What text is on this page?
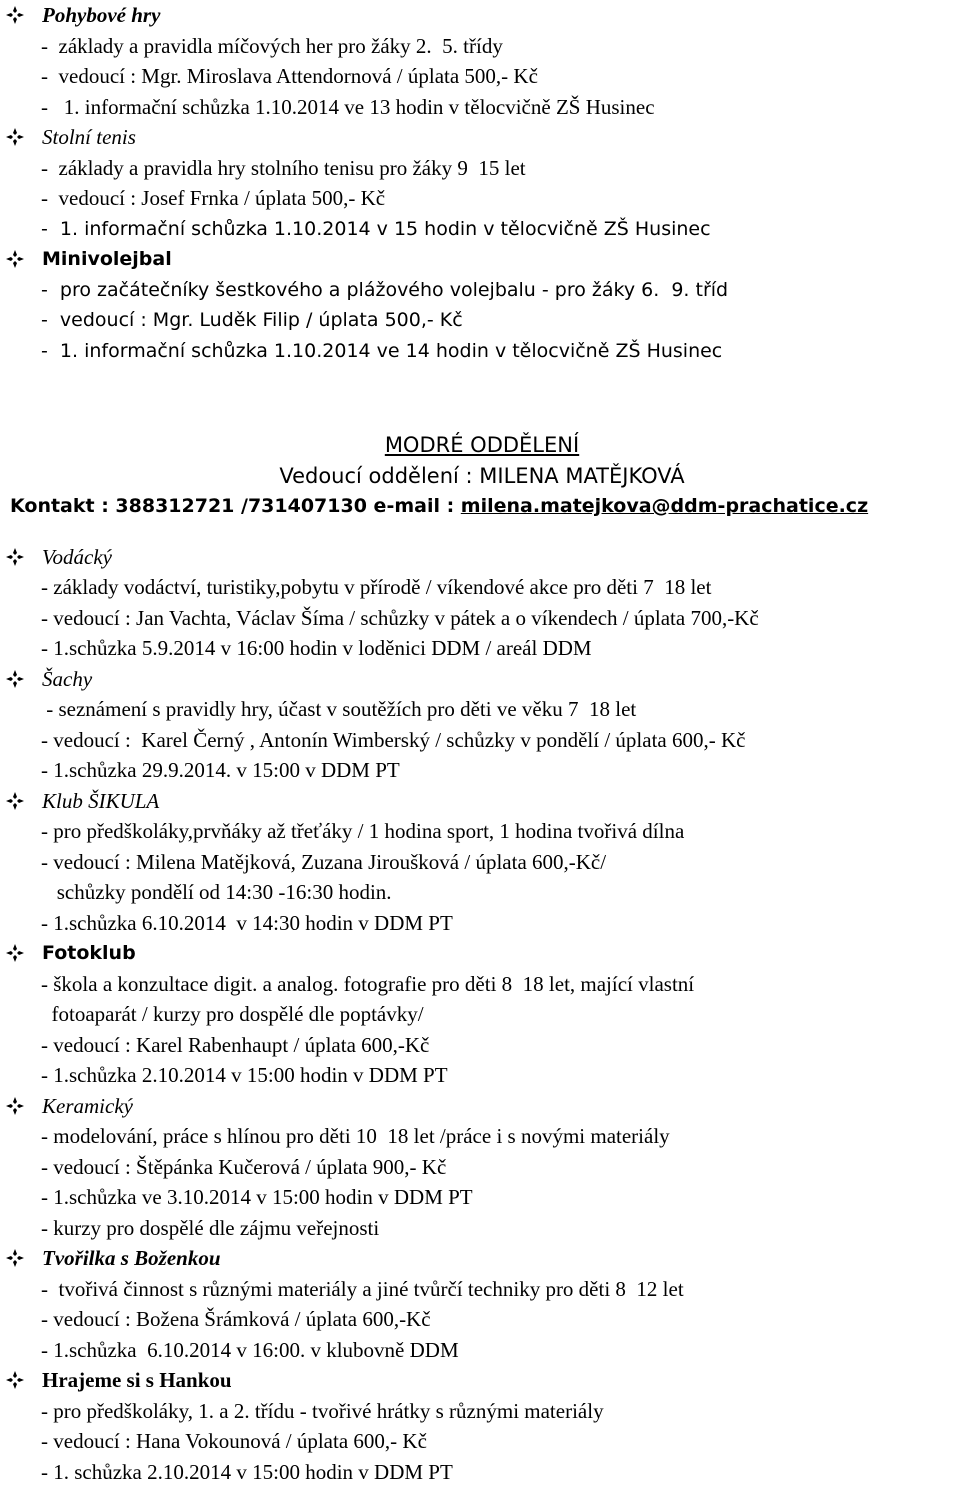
Pohybové hry
-  základy a pravidla míčových her pro žáky 2.  5. třídy
-  vedoucí : Mgr. Miroslava Attendornová / úplata 500,- Kč
-   1. informační schůzka 1.10.2014 ve 13 hodin v tělocvičně ZŠ Husinec
Stolní tenis
-  základy a pravidla hry stolního tenisu pro žáky 9  15 let
-  vedoucí : Josef Frnka / úplata 500,- Kč
-  1. informační schůzka 1.10.2014 v 15 hodin v tělocvičně ZŠ Husinec
Minivolejbal
-  pro začátečníky šestkového a plážového volejbalu - pro žáky 6.  9. tříd
-  vedoucí : Mgr. Luděk Filip / úplata 500,- Kč
-  1. informační schůzka 1.10.2014 ve 14 hodin v tělocvičně ZŠ Husinec
MODRÉ ODDĚLENÍ
Vedoucí oddělení : MILENA MATĚJKOVÁ
Kontakt : 388312721 /731407130 e-mail : milena.matejkova@ddm-prachatice.cz
Vodácký
- základy vodáctví, turistiky,pobytu v přírodě / víkendové akce pro děti 7  18 let
- vedoucí : Jan Vachta, Václav Šíma / schůzky v pátek a o víkendech / úplata 700,-Kč
- 1.schůzka 5.9.2014 v 16:00 hodin v loděnici DDM / areál DDM
Šachy
- seznámení s pravidly hry, účast v soutěžích pro děti ve věku 7  18 let
- vedoucí :  Karel Černý , Antonín Wimberský / schůzky v pondělí / úplata 600,- Kč
- 1.schůzka 29.9.2014. v 15:00 v DDM PT
Klub ŠIKULA
- pro předškoláky,prvňáky až třeťáky / 1 hodina sport, 1 hodina tvořivá dílna
- vedoucí : Milena Matějková, Zuzana Jiroušková / úplata 600,-Kč/
schůzky pondělí od 14:30 -16:30 hodin.
- 1.schůzka 6.10.2014  v 14:30 hodin v DDM PT
Fotoklub
- škola a konzultace digit. a analog. fotografie pro děti 8  18 let, mající vlastní
fotoaparát / kurzy pro dospělé dle poptávky/
- vedoucí : Karel Rabenhaupt / úplata 600,-Kč
- 1.schůzka 2.10.2014 v 15:00 hodin v DDM PT
Keramický
- modelování, práce s hlínou pro děti 10  18 let /práce i s novými materiály
- vedoucí : Štěpánka Kučerová / úplata 900,- Kč
- 1.schůzka ve 3.10.2014 v 15:00 hodin v DDM PT
- kurzy pro dospělé dle zájmu veřejnosti
Tvořilka s Boženkou
-  tvořivá činnost s různými materiály a jiné tvůrčí techniky pro děti 8  12 let
- vedoucí : Božena Šrámková / úplata 600,-Kč
- 1.schůzka  6.10.2014 v 16:00. v klubovně DDM
Hrajeme si s Hankou
- pro předškoláky, 1. a 2. třídu - tvořivé hrátky s různými materiály
- vedoucí : Hana Vokounová / úplata 600,- Kč
- 1. schůzka 2.10.2014 v 15:00 hodin v DDM PT
